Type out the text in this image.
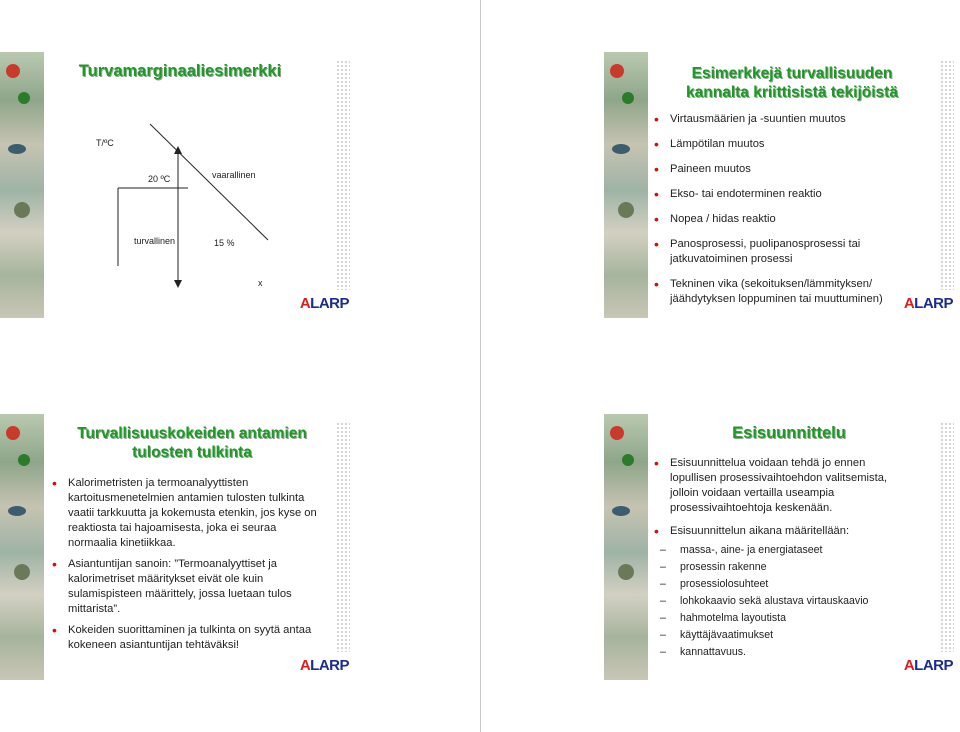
Turvamarginaaliesimerkki
T/ºC
20 ºC	vaarallinen
turvallinen	15 %
x
ALARP
Esimerkkejä turvallisuuden
kannalta kriittisistä tekijöistä
• Virtausmäärien ja -suuntien muutos
• Lämpötilan muutos
• Paineen muutos
• Ekso- tai endoterminen reaktio
• Nopea / hidas reaktio
• Panosprosessi, puolipanosprosessi tai jatkuvatoiminen prosessi
• Tekninen vika (sekoituksen/lämmityksen/ jäähdytyksen loppuminen tai muuttuminen)	ALARP
Turvallisuuskokeiden antamien
tulosten tulkinta
• Kalorimetristen ja termoanalyyttisten kartoitusmenetelmien antamien tulosten tulkinta vaatii tarkkuutta ja kokemusta etenkin, jos kyse on reaktiosta tai hajoamisesta, joka ei seuraa normaalia kinetiikkaa.
• Asiantuntijan sanoin: ”Termoanalyyttiset ja kalorimetriset määritykset eivät ole kuin sulamispisteen määrittely, jossa luetaan tulos mittarista”.
• Kokeiden suorittaminen ja tulkinta on syytä antaa kokeneen asiantuntijan tehtäväksi!
ALARP
Esisuunnittelu
• Esisuunnittelua voidaan tehdä jo ennen lopullisen prosessivaihtoehdon valitsemista, jolloin voidaan vertailla useampia prosessivaihtoehtoja keskenään.
• Esisuunnittelun aikana määritellään:
– massa-, aine- ja energiataseet
– prosessin rakenne
– prosessiolosuhteet
– lohkokaavio sekä alustava virtauskaavio
– hahmotelma layoutista
– käyttäjävaatimukset
– kannattavuus.
ALARP
